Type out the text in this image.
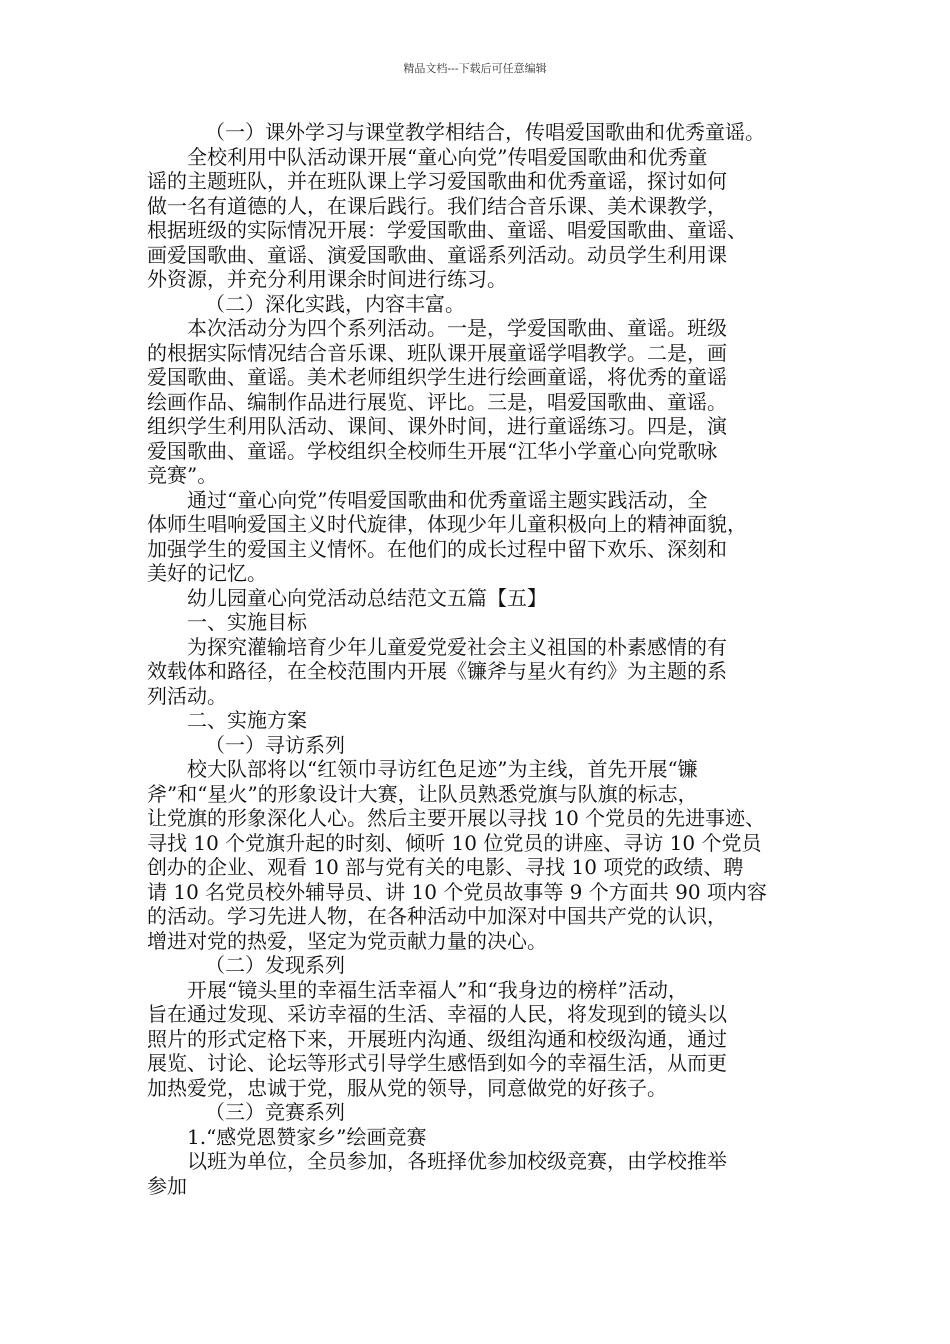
精品文档---下载后可任意编辑
（一）课外学习与课堂教学相结合，传唱爱国歌曲和优秀童谣。
全校利用中队活动课开展“童心向党”传唱爱国歌曲和优秀童
谣的主题班队，并在班队课上学习爱国歌曲和优秀童谣，探讨如何
做一名有道德的人，在课后践行。我们结合音乐课、美术课教学，
根据班级的实际情况开展：学爱国歌曲、童谣、唱爱国歌曲、童谣、
画爱国歌曲、童谣、演爱国歌曲、童谣系列活动。动员学生利用课
外资源，并充分利用课余时间进行练习。
（二）深化实践，内容丰富。
本次活动分为四个系列活动。一是，学爱国歌曲、童谣。班级
的根据实际情况结合音乐课、班队课开展童谣学唱教学。二是，画
爱国歌曲、童谣。美术老师组织学生进行绘画童谣，将优秀的童谣
绘画作品、编制作品进行展览、评比。三是，唱爱国歌曲、童谣。
组织学生利用队活动、课间、课外时间，进行童谣练习。四是，演
爱国歌曲、童谣。学校组织全校师生开展“江华小学童心向党歌咏
竞赛”。
通过“童心向党”传唱爱国歌曲和优秀童谣主题实践活动，全
体师生唱响爱国主义时代旋律，体现少年儿童积极向上的精神面貌，
加强学生的爱国主义情怀。在他们的成长过程中留下欢乐、深刻和
美好的记忆。
幼儿园童心向党活动总结范文五篇【五】
一、实施目标
为探究灌输培育少年儿童爱党爱社会主义祖国的朴素感情的有
效载体和路径，在全校范围内开展《镰斧与星火有约》为主题的系
列活动。
二、实施方案
（一）寻访系列
校大队部将以“红领巾寻访红色足迹”为主线，首先开展“镰
斧”和“星火”的形象设计大赛，让队员熟悉党旗与队旗的标志，
让党旗的形象深化人心。然后主要开展以寻找 10 个党员的先进事迹、
寻找 10 个党旗升起的时刻、倾听 10 位党员的讲座、寻访 10 个党员
创办的企业、观看 10 部与党有关的电影、寻找 10 项党的政绩、聘
请 10 名党员校外辅导员、讲 10 个党员故事等 9 个方面共 90 项内容
的活动。学习先进人物，在各种活动中加深对中国共产党的认识，
增进对党的热爱，坚定为党贡献力量的决心。
（二）发现系列
开展“镜头里的幸福生活幸福人”和“我身边的榜样”活动，
旨在通过发现、采访幸福的生活、幸福的人民，将发现到的镜头以
照片的形式定格下来，开展班内沟通、级组沟通和校级沟通，通过
展览、讨论、论坛等形式引导学生感悟到如今的幸福生活，从而更
加热爱党，忠诚于党，服从党的领导，同意做党的好孩子。
（三）竞赛系列
1.“感党恩赞家乡”绘画竞赛
以班为单位，全员参加，各班择优参加校级竞赛，由学校推举
参加
